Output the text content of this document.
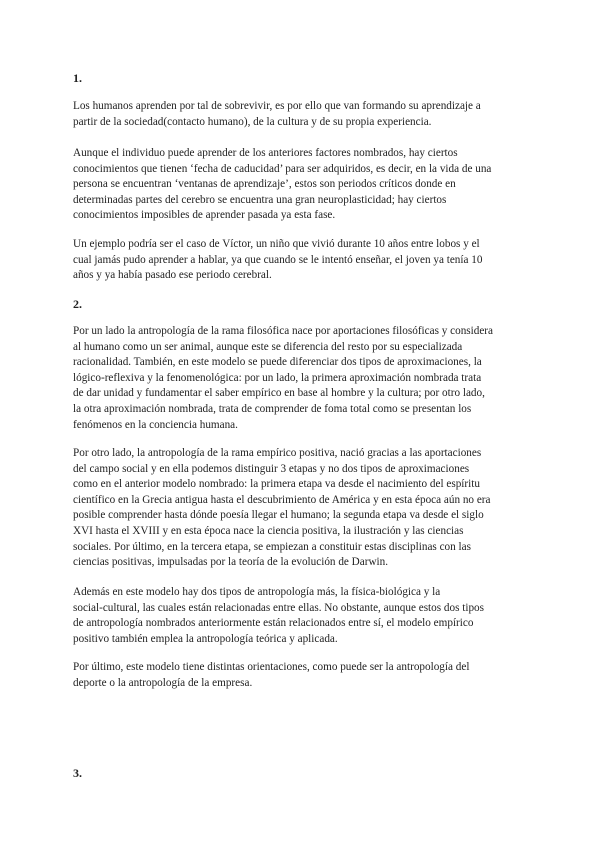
1.

Los humanos aprenden por tal de sobrevivir, es por ello que van formando su aprendizaje a
partir de la sociedad(contacto humano), de la cultura y de su propia experiencia.

Aunque el individuo puede aprender de los anteriores factores nombrados, hay ciertos
conocimientos que tienen ‘fecha de caducidad’ para ser adquiridos, es decir, en la vida de una
persona se encuentran ‘ventanas de aprendizaje’, estos son periodos críticos donde en
determinadas partes del cerebro se encuentra una gran neuroplasticidad; hay ciertos
conocimientos imposibles de aprender pasada ya esta fase.

Un ejemplo podría ser el caso de Víctor, un niño que vivió durante 10 años entre lobos y el
cual jamás pudo aprender a hablar, ya que cuando se le intentó enseñar, el joven ya tenía 10
años y ya había pasado ese periodo cerebral.

2.

Por un lado la antropología de la rama filosófica nace por aportaciones filosóficas y considera
al humano como un ser animal, aunque este se diferencia del resto por su especializada
racionalidad. También, en este modelo se puede diferenciar dos tipos de aproximaciones, la
lógico-reflexiva y la fenomenológica: por un lado, la primera aproximación nombrada trata
de dar unidad y fundamentar el saber empírico en base al hombre y la cultura; por otro lado,
la otra aproximación nombrada, trata de comprender de foma total como se presentan los
fenómenos en la conciencia humana.

Por otro lado, la antropología de la rama empírico positiva, nació gracias a las aportaciones
del campo social y en ella podemos distinguir 3 etapas y no dos tipos de aproximaciones
como en el anterior modelo nombrado: la primera etapa va desde el nacimiento del espíritu
científico en la Grecia antigua hasta el descubrimiento de América y en esta época aún no era
posible comprender hasta dónde poesía llegar el humano; la segunda etapa va desde el siglo
XVI hasta el XVIII y en esta época nace la ciencia positiva, la ilustración y las ciencias
sociales. Por último, en la tercera etapa, se empiezan a constituir estas disciplinas con las
ciencias positivas, impulsadas por la teoría de la evolución de Darwin.

Además en este modelo hay dos tipos de antropología más, la física-biológica y la
social-cultural, las cuales están relacionadas entre ellas. No obstante, aunque estos dos tipos
de antropología nombrados anteriormente están relacionados entre sí, el modelo empírico
positivo también emplea la antropología teórica y aplicada.

Por último, este modelo tiene distintas orientaciones, como puede ser la antropología del
deporte o la antropología de la empresa.

3.
